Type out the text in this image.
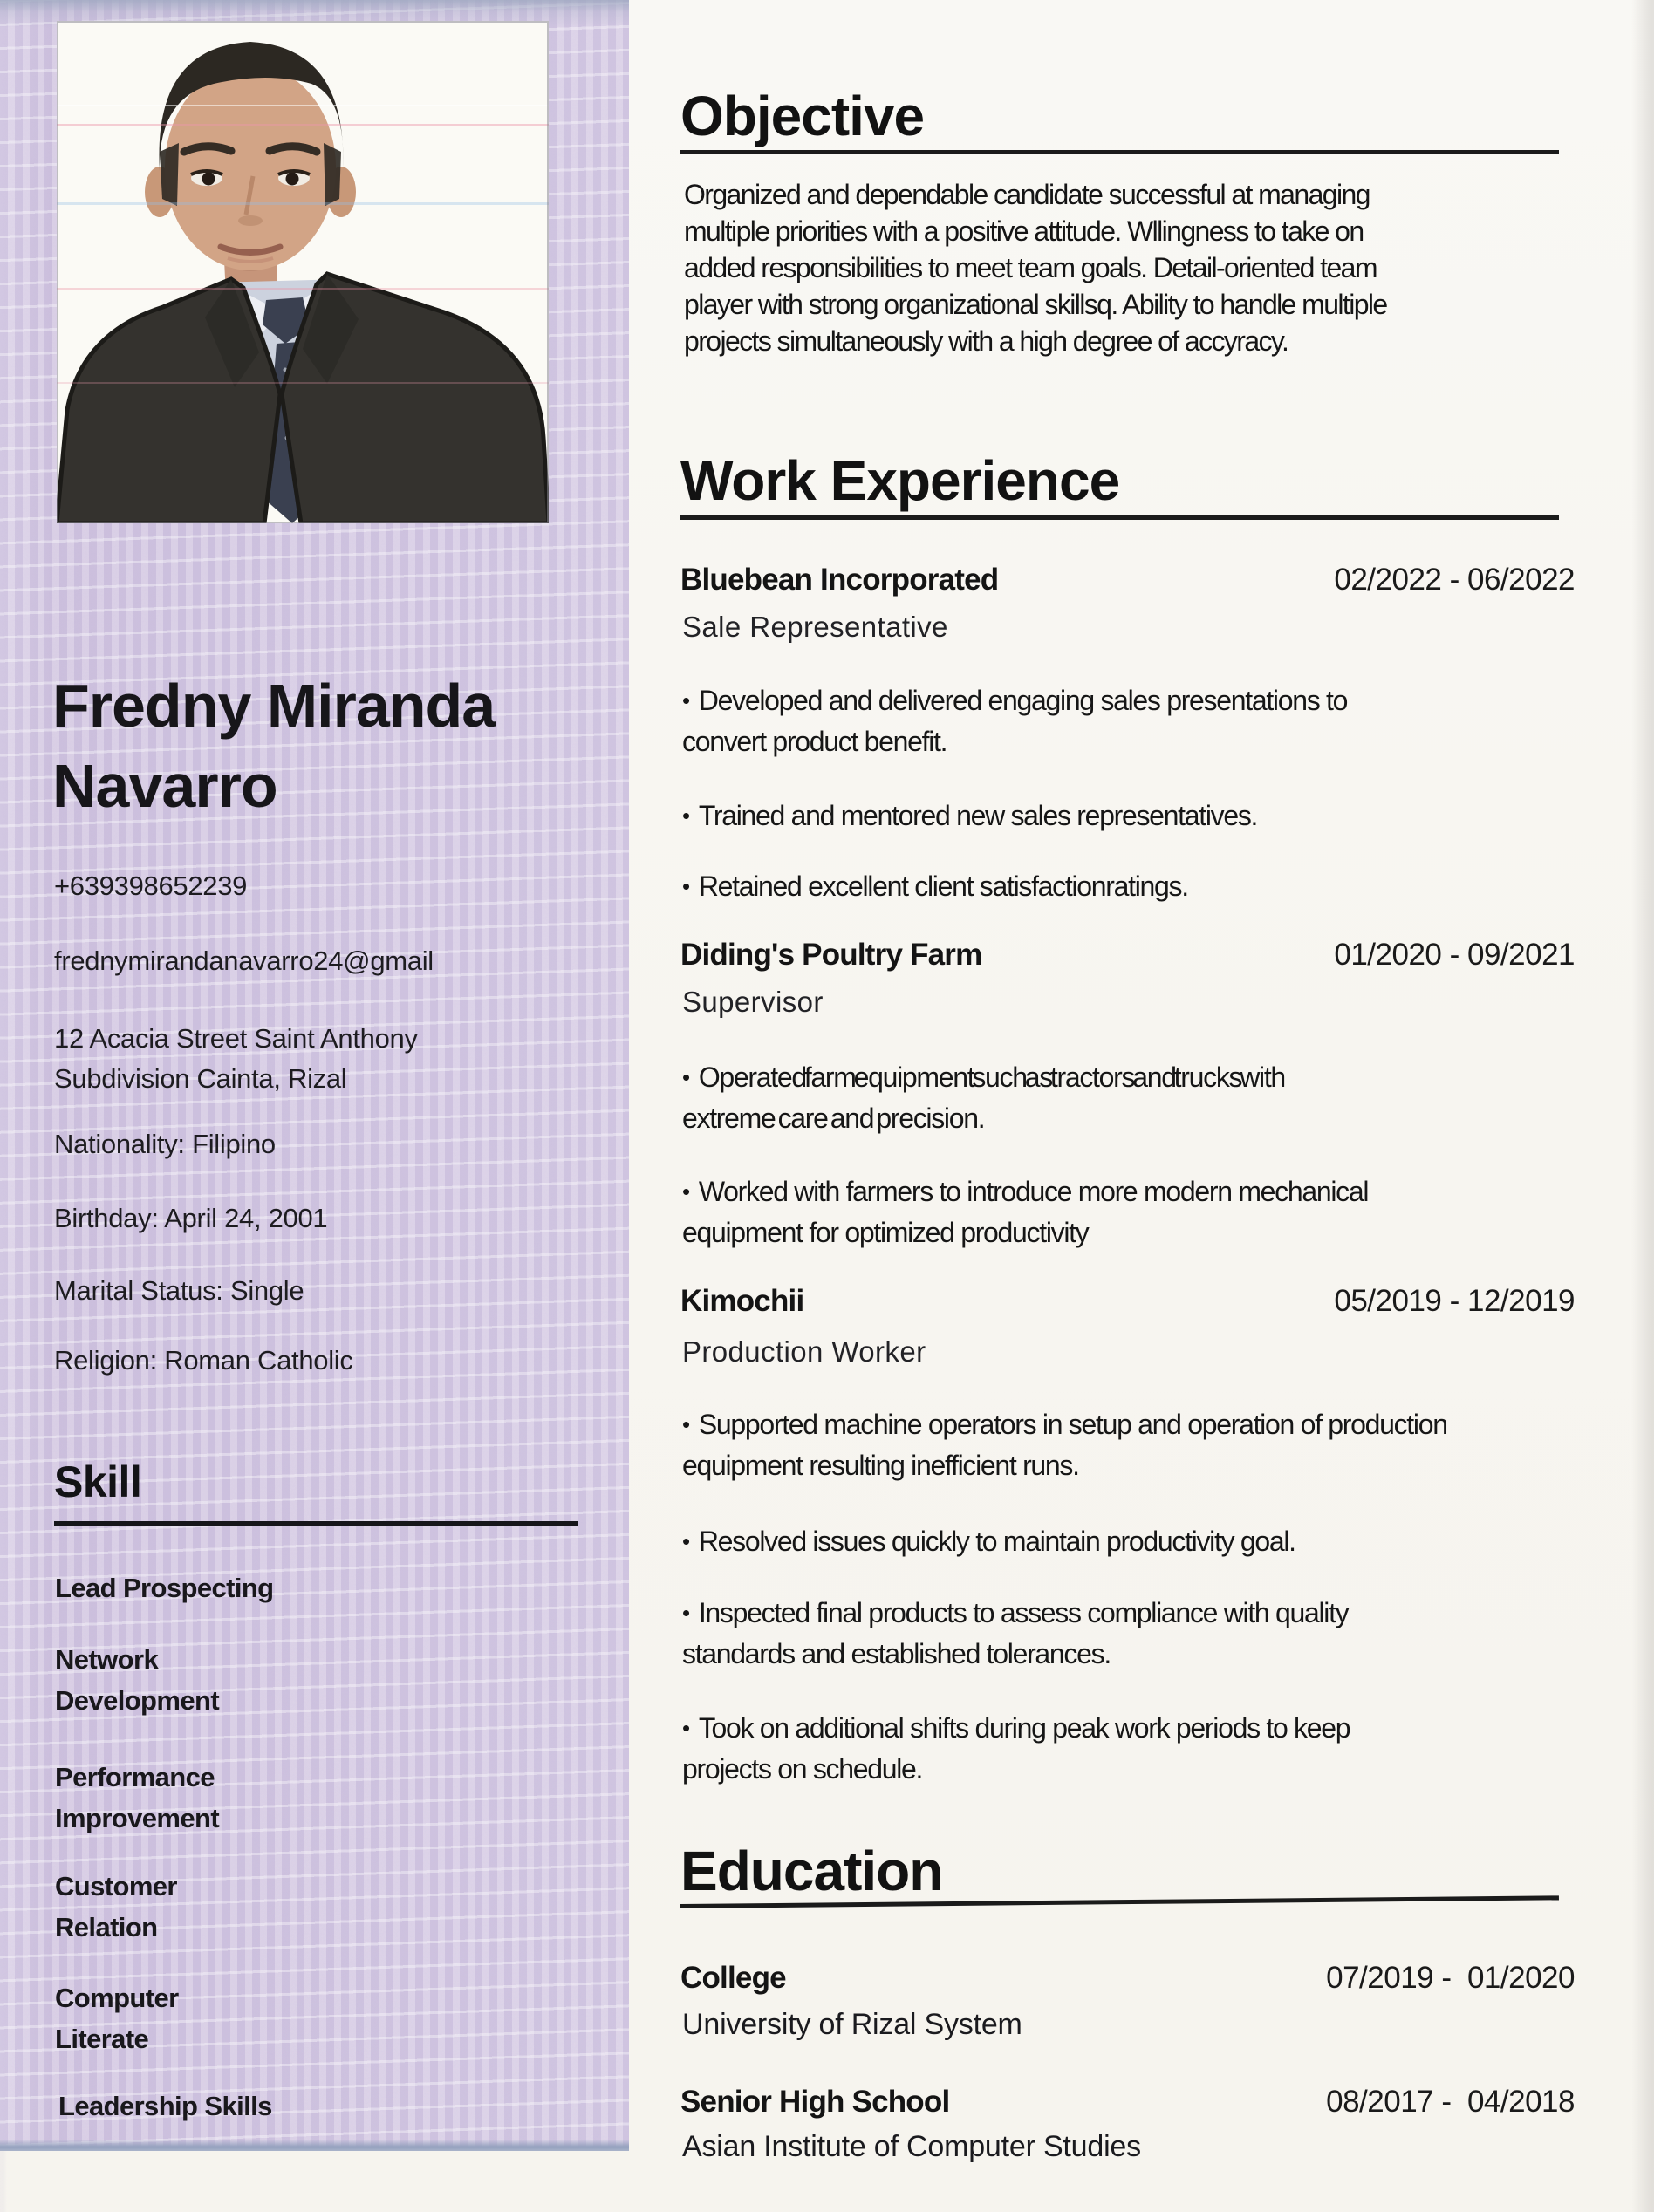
Fredny Miranda
Navarro
+639398652239
frednymirandanavarro24@gmail
12 Acacia Street Saint Anthony
Subdivision Cainta, Rizal
Nationality: Filipino
Birthday: April 24, 2001
Marital Status: Single
Religion: Roman Catholic
Skill
Lead Prospecting
Network
Development
Performance
Improvement
Customer
Relation
Computer
Literate
Leadership Skills
Objective
Organized and dependable candidate successful at managing
multiple priorities with a positive attitude. Wllingness to take on
added responsibilities to meet team goals. Detail-oriented team
player with strong organizational skillsq. Ability to handle multiple
projects simultaneously with a high degree of accyracy.
Work Experience
Bluebean Incorporated	02/2022 - 06/2022
Sale Representative
• Developed and delivered engaging sales presentations to
convert product benefit.
• Trained and mentored new sales representatives.
• Retained excellent client satisfactionratings.
Diding's Poultry Farm	01/2020 - 09/2021
Supervisor
• Operated farm equipment such as tractors and trucks with
extreme care and precision.
• Worked with farmers to introduce more modern mechanical
equipment for optimized productivity
Kimochii	05/2019 - 12/2019
Production Worker
• Supported machine operators in setup and operation of production
equipment resulting inefficient runs.
• Resolved issues quickly to maintain productivity goal.
• Inspected final products to assess compliance with quality
standards and established tolerances.
• Took on additional shifts during peak work periods to keep
projects on schedule.
Education
College	07/2019 -  01/2020
University of Rizal System
Senior High School	08/2017 -  04/2018
Asian Institute of Computer Studies
